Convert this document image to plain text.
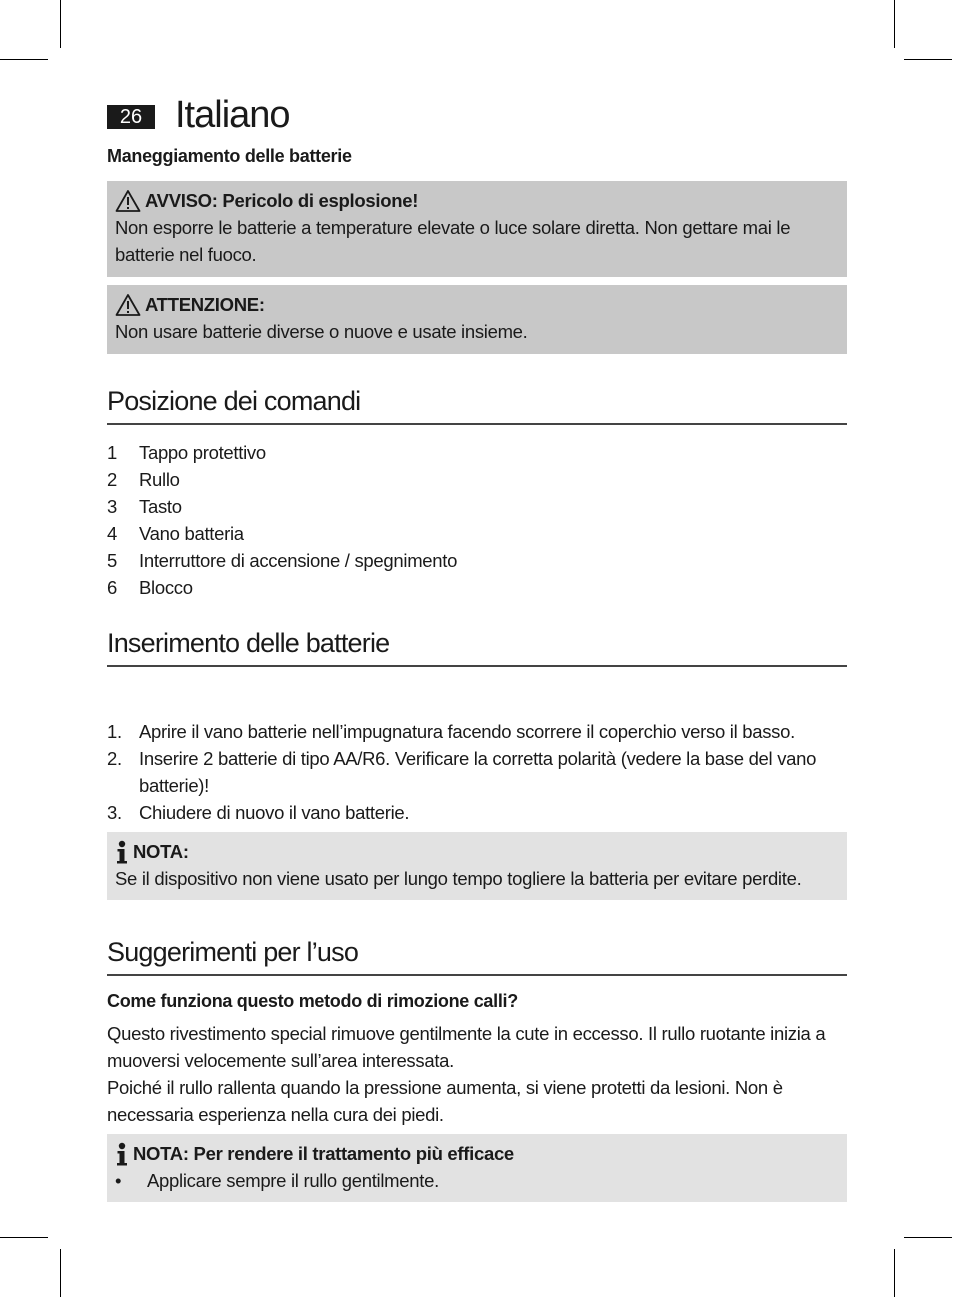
26 Italiano
Maneggiamento delle batterie
AVVISO: Pericolo di esplosione!
Non esporre le batterie a temperature elevate o luce solare diretta. Non gettare mai le batterie nel fuoco.
ATTENZIONE:
Non usare batterie diverse o nuove e usate insieme.
Posizione dei comandi
1	Tappo protettivo
2	Rullo
3	Tasto
4	Vano batteria
5	Interruttore di accensione / spegnimento
6	Blocco
Inserimento delle batterie
1. Aprire il vano batterie nell’impugnatura facendo scorrere il coperchio verso il basso.
2. Inserire 2 batterie di tipo AA/R6. Verificare la corretta polarità (vedere la base del vano batterie)!
3. Chiudere di nuovo il vano batterie.
NOTA:
Se il dispositivo non viene usato per lungo tempo togliere la batteria per evitare perdite.
Suggerimenti per l’uso
Come funziona questo metodo di rimozione calli?

Questo rivestimento special rimuove gentilmente la cute in eccesso. Il rullo ruotante inizia a muoversi velocemente sull’area interessata.

Poiché il rullo rallenta quando la pressione aumenta, si viene protetti da lesioni. Non è necessaria esperienza nella cura dei piedi.

NOTA: Per rendere il trattamento più efficace
•	Applicare sempre il rullo gentilmente.
